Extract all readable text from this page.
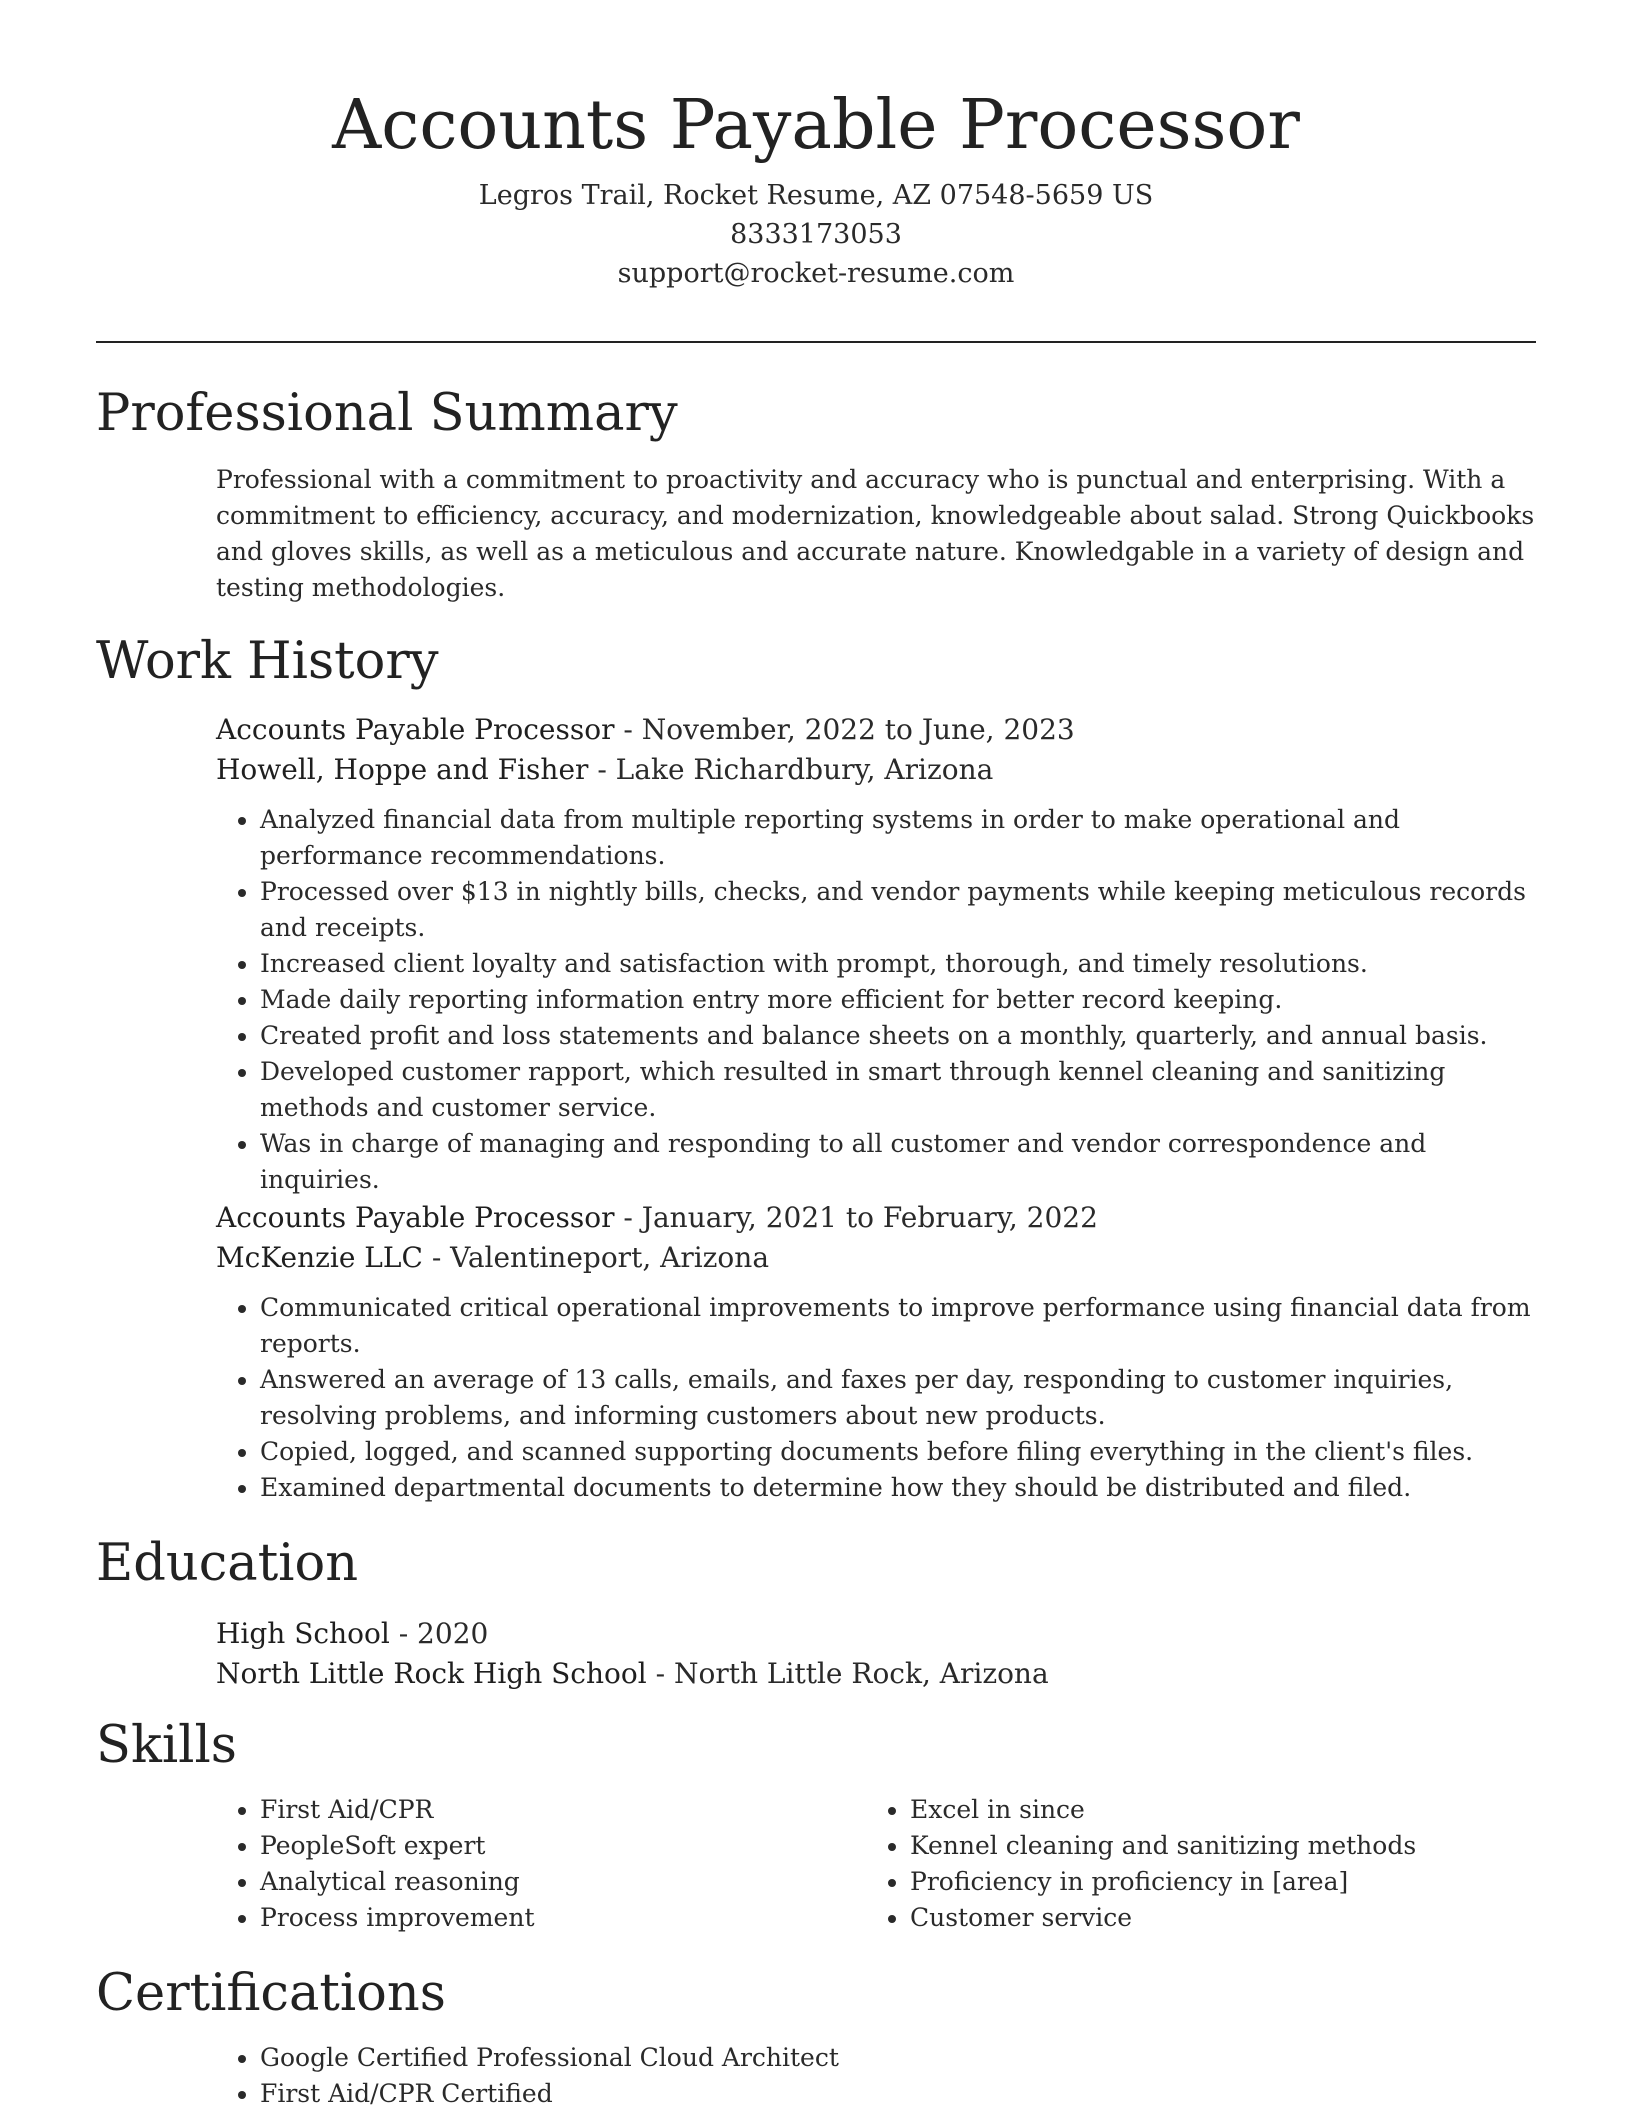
Accounts Payable Processor
Legros Trail, Rocket Resume, AZ 07548-5659 US
8333173053
support@rocket-resume.com
Professional Summary
Professional with a commitment to proactivity and accuracy who is punctual and enterprising. With a commitment to efficiency, accuracy, and modernization, knowledgeable about salad. Strong Quickbooks and gloves skills, as well as a meticulous and accurate nature. Knowledgable in a variety of design and testing methodologies.
Work History
Accounts Payable Processor - November, 2022 to June, 2023
Howell, Hoppe and Fisher - Lake Richardbury, Arizona
• Analyzed financial data from multiple reporting systems in order to make operational and performance recommendations.
• Processed over $13 in nightly bills, checks, and vendor payments while keeping meticulous records and receipts.
• Increased client loyalty and satisfaction with prompt, thorough, and timely resolutions.
• Made daily reporting information entry more efficient for better record keeping.
• Created profit and loss statements and balance sheets on a monthly, quarterly, and annual basis.
• Developed customer rapport, which resulted in smart through kennel cleaning and sanitizing methods and customer service.
• Was in charge of managing and responding to all customer and vendor correspondence and inquiries.
Accounts Payable Processor - January, 2021 to February, 2022
McKenzie LLC - Valentineport, Arizona
• Communicated critical operational improvements to improve performance using financial data from reports.
• Answered an average of 13 calls, emails, and faxes per day, responding to customer inquiries, resolving problems, and informing customers about new products.
• Copied, logged, and scanned supporting documents before filing everything in the client's files.
• Examined departmental documents to determine how they should be distributed and filed.
Education
High School - 2020
North Little Rock High School - North Little Rock, Arizona
Skills
• First Aid/CPR
• PeopleSoft expert
• Analytical reasoning
• Process improvement
• Excel in since
• Kennel cleaning and sanitizing methods
• Proficiency in proficiency in [area]
• Customer service
Certifications
• Google Certified Professional Cloud Architect
• First Aid/CPR Certified
